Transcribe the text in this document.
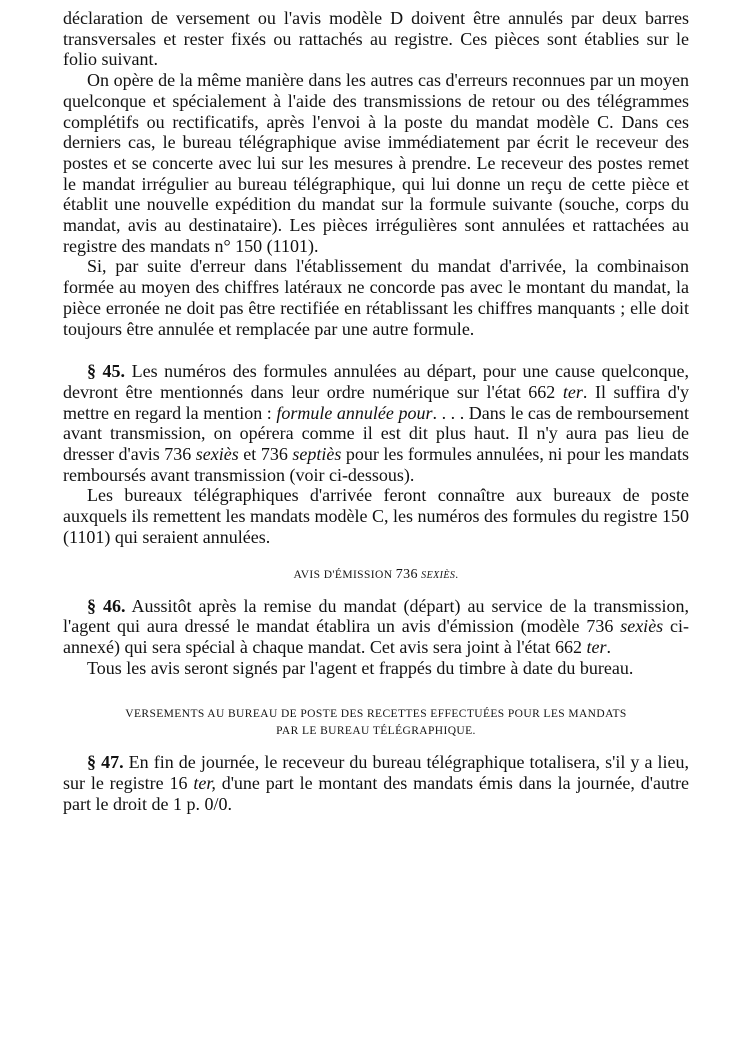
déclaration de versement ou l'avis modèle D doivent être annulés par deux barres transversales et rester fixés ou rattachés au registre. Ces pièces sont établies sur le folio suivant.

On opère de la même manière dans les autres cas d'erreurs reconnues par un moyen quelconque et spécialement à l'aide des transmissions de retour ou des télégrammes complétifs ou rectificatifs, après l'envoi à la poste du mandat modèle C. Dans ces derniers cas, le bureau télégraphique avise immédiatement par écrit le receveur des postes et se concerte avec lui sur les mesures à prendre. Le receveur des postes remet le mandat irrégulier au bureau télégraphique, qui lui donne un reçu de cette pièce et établit une nouvelle expédition du mandat sur la formule suivante (souche, corps du mandat, avis au destinataire). Les pièces irrégulières sont annulées et rattachées au registre des mandats n° 150 (1101).

Si, par suite d'erreur dans l'établissement du mandat d'arrivée, la combinaison formée au moyen des chiffres latéraux ne concorde pas avec le montant du mandat, la pièce erronée ne doit pas être rectifiée en rétablissant les chiffres manquants ; elle doit toujours être annulée et remplacée par une autre formule.

§ 45. Les numéros des formules annulées au départ, pour une cause quelconque, devront être mentionnés dans leur ordre numérique sur l'état 662 ter. Il suffira d'y mettre en regard la mention : formule annulée pour. . . . Dans le cas de remboursement avant transmission, on opérera comme il est dit plus haut. Il n'y aura pas lieu de dresser d'avis 736 sexiès et 736 septiès pour les formules annulées, ni pour les mandats remboursés avant transmission (voir ci-dessous).

Les bureaux télégraphiques d'arrivée feront connaître aux bureaux de poste auxquels ils remettent les mandats modèle C, les numéros des formules du registre 150 (1101) qui seraient annulées.

AVIS D'ÉMISSION 736 sexiès.

§ 46. Aussitôt après la remise du mandat (départ) au service de la transmission, l'agent qui aura dressé le mandat établira un avis d'émission (modèle 736 sexiès ci-annexé) qui sera spécial à chaque mandat. Cet avis sera joint à l'état 662 ter.

Tous les avis seront signés par l'agent et frappés du timbre à date du bureau.

VERSEMENTS AU BUREAU DE POSTE DES RECETTES EFFECTUÉES POUR LES MANDATS
PAR LE BUREAU TÉLÉGRAPHIQUE.

§ 47. En fin de journée, le receveur du bureau télégraphique totalisera, s'il y a lieu, sur le registre 16 ter, d'une part le montant des mandats émis dans la journée, d'autre part le droit de 1 p. 0/0.
